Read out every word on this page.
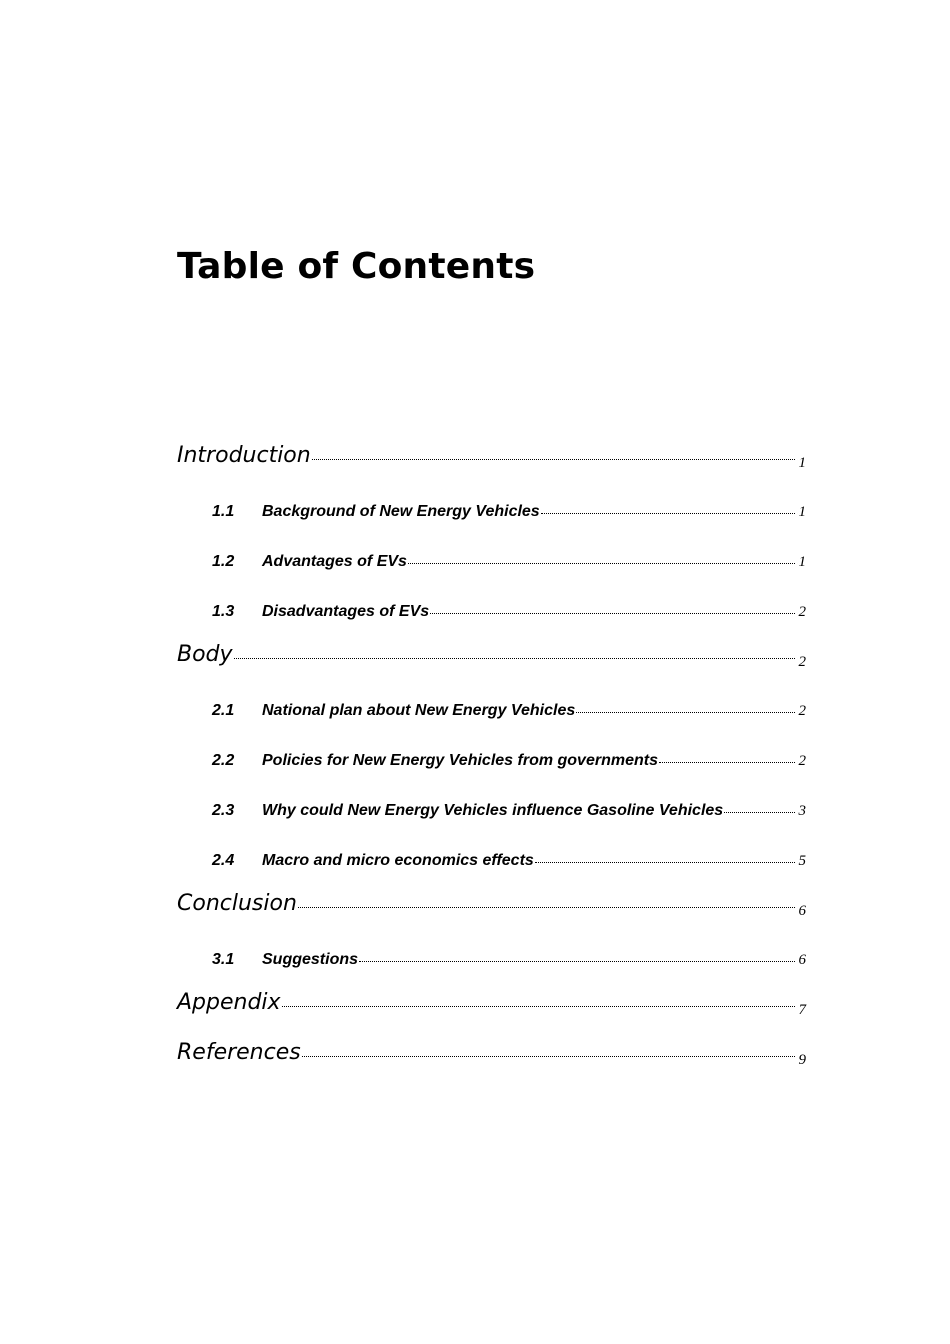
Table of Contents
Introduction	1
1.1	Background of New Energy Vehicles	1
1.2	Advantages of EVs	1
1.3	Disadvantages of EVs	2
Body	2
2.1	National plan about New Energy Vehicles	2
2.2	Policies for New Energy Vehicles from governments	2
2.3	Why could New Energy Vehicles influence Gasoline Vehicles	3
2.4	Macro and micro economics effects	5
Conclusion	6
3.1	Suggestions	6
Appendix	7
References	9
